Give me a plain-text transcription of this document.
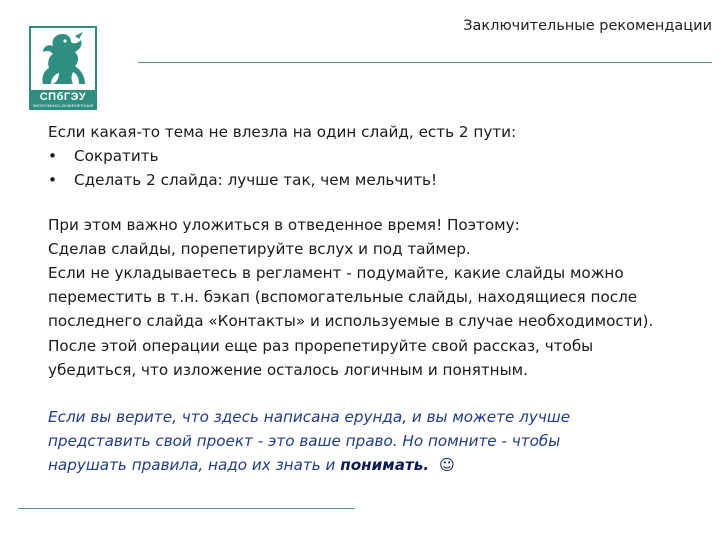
СПбГЭУ
ЭКОНОМИКО-ИНЖЕНЕРНЫЙ
Заключительные рекомендации

Если какая-то тема не влезла на один слайд, есть 2 пути:

• Сократить
• Сделать 2 слайда: лучше так, чем мельчить!

При этом важно уложиться в отведенное время! Поэтому:

Сделав слайды, порепетируйте вслух и под таймер.

Если не укладываетесь в регламент - подумайте, какие слайды можно

переместить в т.н. бэкап (вспомогательные слайды, находящиеся после

последнего слайда «Контакты» и используемые в случае необходимости).

После этой операции еще раз прорепетируйте свой рассказ, чтобы

убедиться, что изложение осталось логичным и понятным.

Если вы верите, что здесь написана ерунда, и вы можете лучше

представить свой проект - это ваше право. Но помните - чтобы

нарушать правила, надо их знать и понимать. ☺
